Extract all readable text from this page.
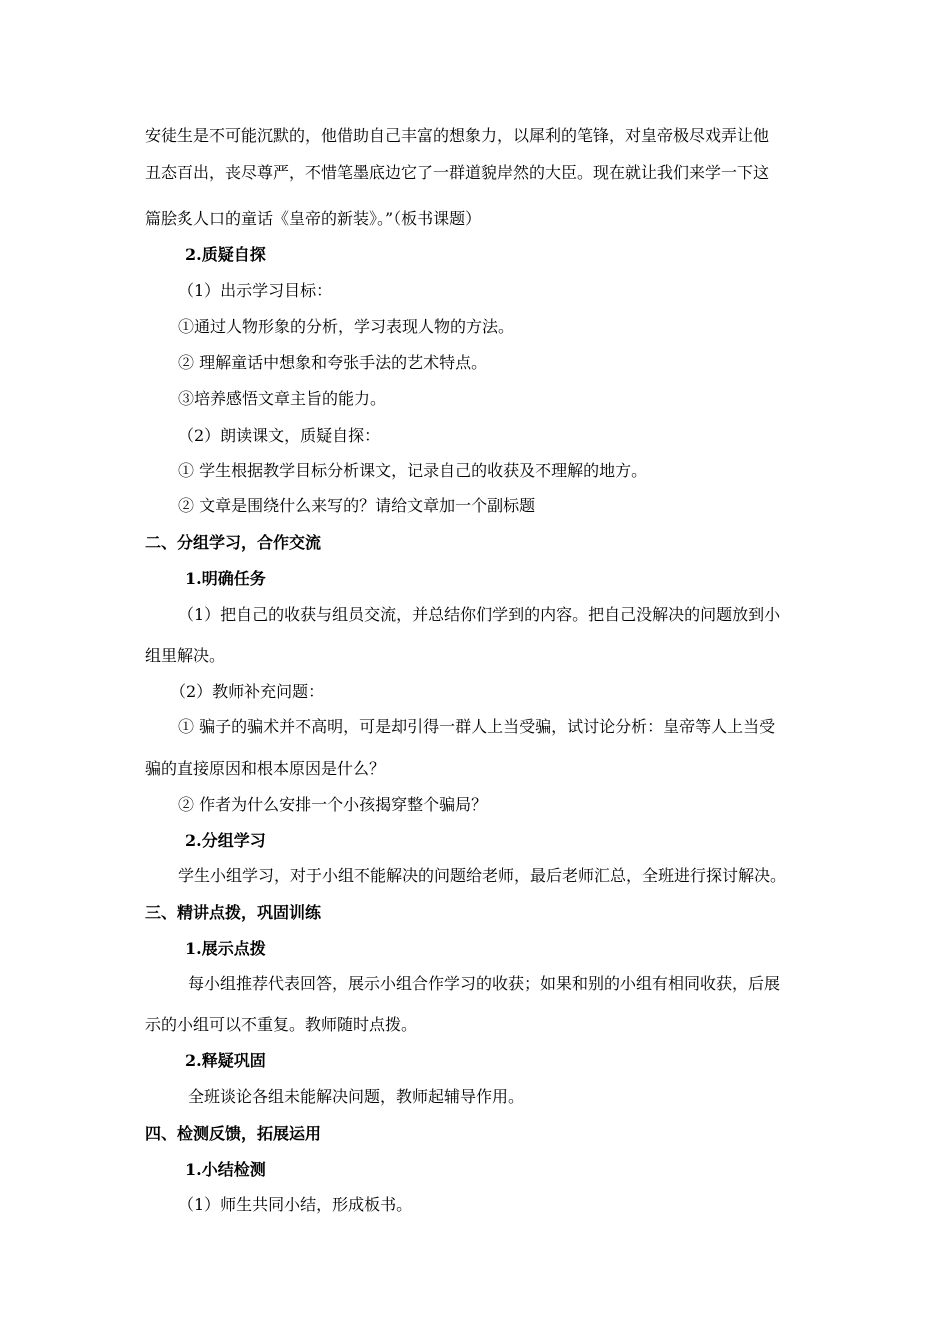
安徒生是不可能沉默的，他借助自己丰富的想象力，以犀利的笔锋，对皇帝极尽戏弄让他
丑态百出，丧尽尊严，不惜笔墨底边它了一群道貌岸然的大臣。现在就让我们来学一下这
篇脍炙人口的童话《皇帝的新装》。”（板书课题）
2.质疑自探
（1）出示学习目标：
①通过人物形象的分析，学习表现人物的方法。
② 理解童话中想象和夸张手法的艺术特点。
③培养感悟文章主旨的能力。
（2）朗读课文，质疑自探：
① 学生根据教学目标分析课文，记录自己的收获及不理解的地方。
② 文章是围绕什么来写的？请给文章加一个副标题
二、分组学习，合作交流
1.明确任务
（1）把自己的收获与组员交流，并总结你们学到的内容。把自己没解决的问题放到小
组里解决。
（2）教师补充问题：
① 骗子的骗术并不高明，可是却引得一群人上当受骗，试讨论分析：皇帝等人上当受
骗的直接原因和根本原因是什么？
② 作者为什么安排一个小孩揭穿整个骗局？
2.分组学习
学生小组学习，对于小组不能解决的问题给老师，最后老师汇总，全班进行探讨解决。
三、精讲点拨，巩固训练
1.展示点拨
每小组推荐代表回答，展示小组合作学习的收获；如果和别的小组有相同收获，后展
示的小组可以不重复。教师随时点拨。
2.释疑巩固
全班谈论各组未能解决问题，教师起辅导作用。
四、检测反馈，拓展运用
1.小结检测
（1）师生共同小结，形成板书。
